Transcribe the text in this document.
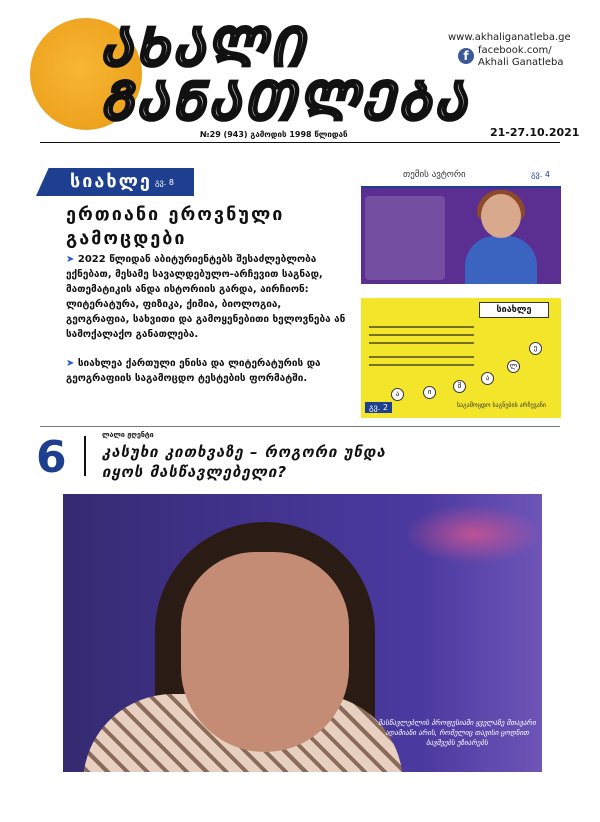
ᲐᲮᲐᲚᲘ
ᲒᲐᲜᲐᲗᲚᲔᲑᲐ
www.akhaliganatleba.ge
f facebook.com/
Akhali Ganatleba
№29 (943) გამოდის 1998 წლიდან	21-27.10.2021
სიახლე გვ. 8
ერთიანი ეროვნული გამოცდები
➤ 2022 წლიდან აბიტურიენტებს შესაძლებლობა ექნებათ, მესამე სავალდებულო-არჩევით საგნად, მათემატიკის ანდა ისტორიის გარდა, აირჩიონ: ლიტერატურა, ფიზიკა, ქიმია, ბიოლოგია, გეოგრაფია, სახვითი და გამოყენებითი ხელოვნება ან სამოქალაქო განათლება.
➤ სიახლეა ქართული ენისა და ლიტერატურის და გეოგრაფიის საგამოცდო ტესტების ფორმატში.
თემის ავტორი	გვ. 4
სიახლე
ა	ი
მ
ა
ლ
ე
გვ. 2	საგამოცდო საგნების არჩევანი
6	ლალი ჟღენტი
კასუხი კითხვაზე – როგორი უნდა იყოს მასწავლებელი?
მასწავლებლის პროფესიაში ყველაზე მთავარი ადამიანი არის, რომელიც თავისი ცოდნით ბავშვებს უზიარებს
